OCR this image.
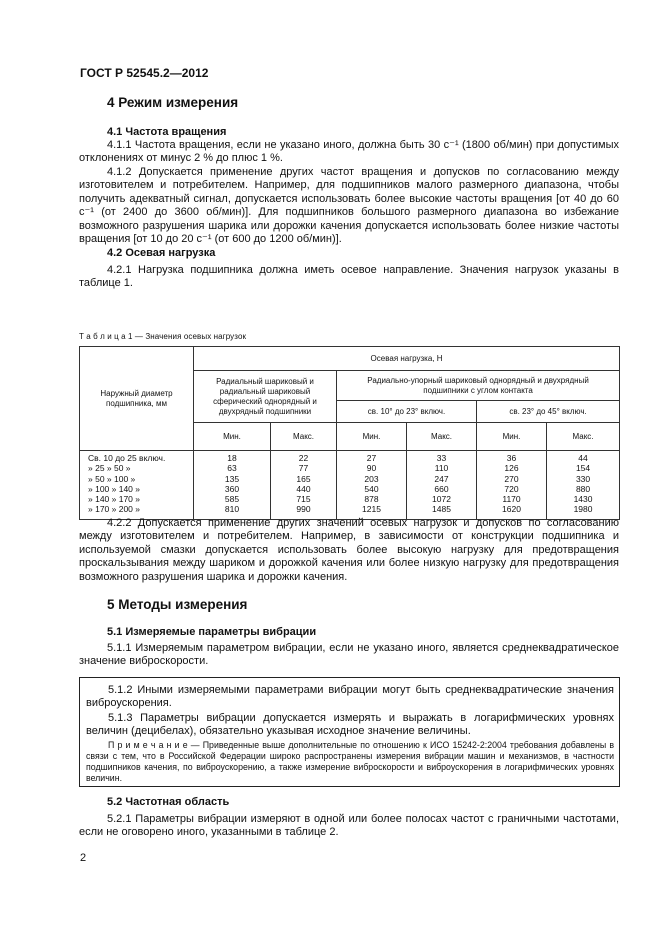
ГОСТ Р 52545.2—2012
4 Режим измерения
4.1 Частота вращения
4.1.1 Частота вращения, если не указано иного, должна быть 30 с⁻¹ (1800 об/мин) при допустимых отклонениях от минус 2 % до плюс 1 %.
4.1.2 Допускается применение других частот вращения и допусков по согласованию между изготовителем и потребителем. Например, для подшипников малого размерного диапазона, чтобы получить адекватный сигнал, допускается использовать более высокие частоты вращения [от 40 до 60 с⁻¹ (от 2400 до 3600 об/мин)]. Для подшипников большого размерного диапазона во избежание возможного разрушения шарика или дорожки качения допускается использовать более низкие частоты вращения [от 10 до 20 с⁻¹ (от 600 до 1200 об/мин)].
4.2 Осевая нагрузка
4.2.1 Нагрузка подшипника должна иметь осевое направление. Значения нагрузок указаны в таблице 1.
Т а б л и ц а 1 — Значения осевых нагрузок
Наружный диаметр подшипника, мм	Осевая нагрузка, Н					
	Радиальный шариковый и радиальный шариковый сферический однорядный и двухрядный подшипники		Радиально-упорный шариковый однорядный и двухрядный подшипники с углом контакта			
			св. 10° до 23° включ.		св. 23° до 45° включ.	
	Мин.	Макс.	Мин.	Макс.	Мин.	Макс.
Св. 10 до 25 включ.	18	22	27	33	36	44
» 25 » 50 »	63	77	90	110	126	154
» 50 » 100 »	135	165	203	247	270	330
» 100 » 140 »	360	440	540	660	720	880
» 140 » 170 »	585	715	878	1072	1170	1430
» 170 » 200 »	810	990	1215	1485	1620	1980
4.2.2 Допускается применение других значений осевых нагрузок и допусков по согласованию между изготовителем и потребителем. Например, в зависимости от конструкции подшипника и используемой смазки допускается использовать более высокую нагрузку для предотвращения проскальзывания между шариком и дорожкой качения или более низкую нагрузку для предотвращения возможного разрушения шарика и дорожки качения.
5 Методы измерения
5.1 Измеряемые параметры вибрации
5.1.1 Измеряемым параметром вибрации, если не указано иного, является среднеквадратическое значение виброскорости.
5.1.2 Иными измеряемыми параметрами вибрации могут быть среднеквадратические значения виброускорения.
5.1.3 Параметры вибрации допускается измерять и выражать в логарифмических уровнях величин (децибелах), обязательно указывая исходное значение величины.
П р и м е ч а н и е — Приведенные выше дополнительные по отношению к ИСО 15242-2:2004 требования добавлены в связи с тем, что в Российской Федерации широко распространены измерения вибрации машин и механизмов, в частности подшипников качения, по виброускорению, а также измерение виброскорости и виброускорения в логарифмических уровнях величин.
5.2 Частотная область
5.2.1 Параметры вибрации измеряют в одной или более полосах частот с граничными частотами, если не оговорено иного, указанными в таблице 2.
2
